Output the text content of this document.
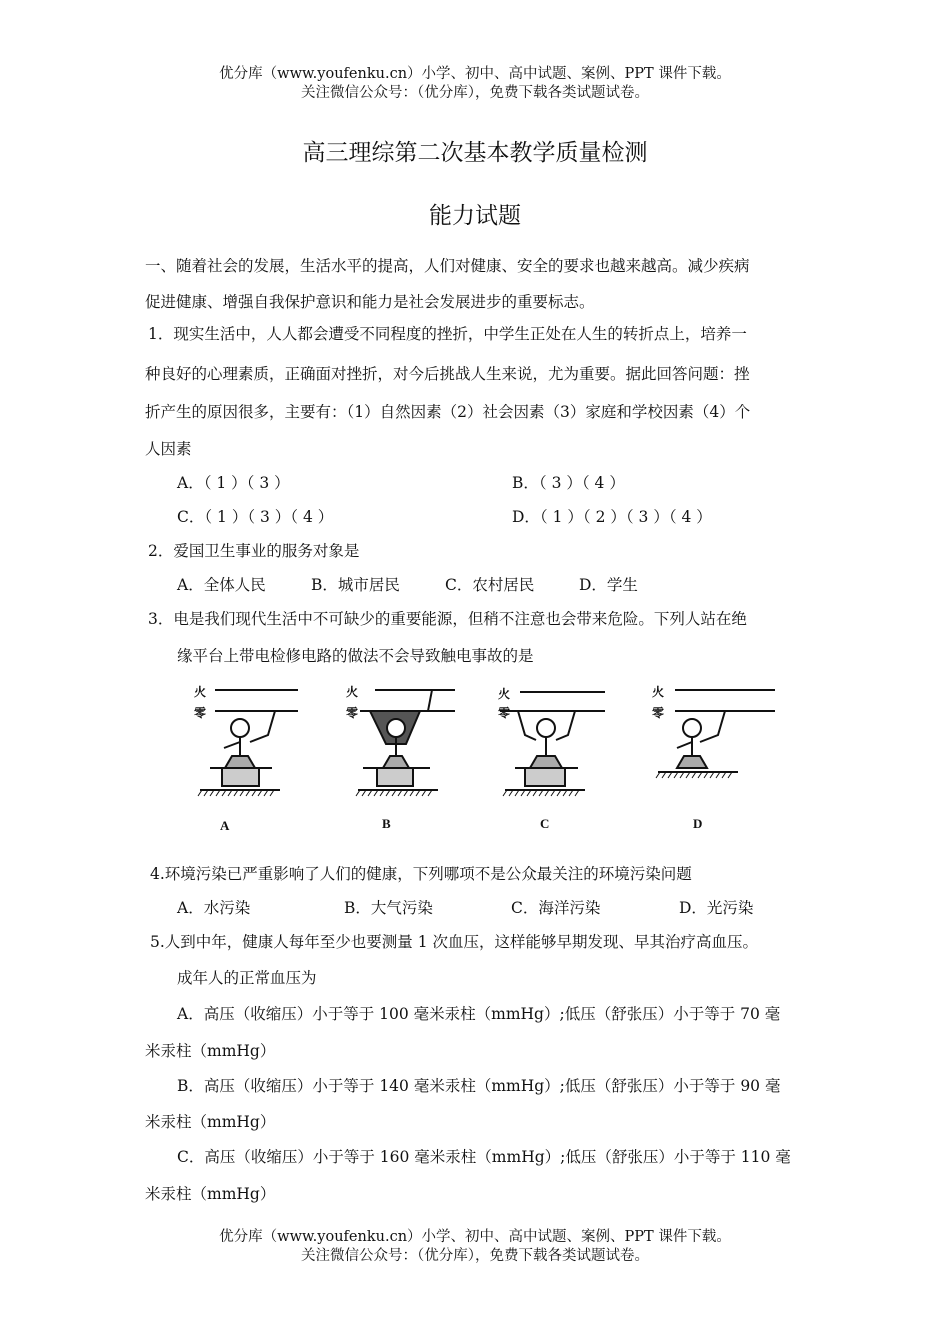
优分库（www.youfenku.cn）小学、初中、高中试题、案例、PPT 课件下载。
关注微信公众号：（优分库），免费下载各类试题试卷。
高三理综第二次基本教学质量检测
能力试题
一、随着社会的发展，生活水平的提高，人们对健康、安全的要求也越来越高。减少疾病
促进健康、增强自我保护意识和能力是社会发展进步的重要标志。
1．现实生活中，人人都会遭受不同程度的挫折，中学生正处在人生的转折点上，培养一
种良好的心理素质，正确面对挫折，对今后挑战人生来说，尤为重要。据此回答问题：挫
折产生的原因很多，主要有：（1）自然因素（2）社会因素（3）家庭和学校因素（4）个
人因素
A．（ 1 ）（ 3 ）	B．（ 3 ）（ 4 ）
C．（ 1 ）（ 3 ）（ 4 ）	D．（ 1 ）（ 2 ）（ 3 ）（ 4 ）
2．爱国卫生事业的服务对象是
A．全体人民	B．城市居民	C．农村居民	D．学生
3．电是我们现代生活中不可缺少的重要能源，但稍不注意也会带来危险。下列人站在绝
缘平台上带电检修电路的做法不会导致触电事故的是
火
零
火
零
火
零
火
零
A	B	C	D
4.环境污染已严重影响了人们的健康，下列哪项不是公众最关注的环境污染问题
A．水污染	B．大气污染	C．海洋污染	D．光污染
5.人到中年，健康人每年至少也要测量 1 次血压，这样能够早期发现、早其治疗高血压。
成年人的正常血压为
A．高压（收缩压）小于等于 100 毫米汞柱（mmHg）;低压（舒张压）小于等于 70 毫
米汞柱（mmHg）
B．高压（收缩压）小于等于 140 毫米汞柱（mmHg）;低压（舒张压）小于等于 90 毫
米汞柱（mmHg）
C．高压（收缩压）小于等于 160 毫米汞柱（mmHg）;低压（舒张压）小于等于 110 毫
米汞柱（mmHg）
优分库（www.youfenku.cn）小学、初中、高中试题、案例、PPT 课件下载。
关注微信公众号：（优分库），免费下载各类试题试卷。
